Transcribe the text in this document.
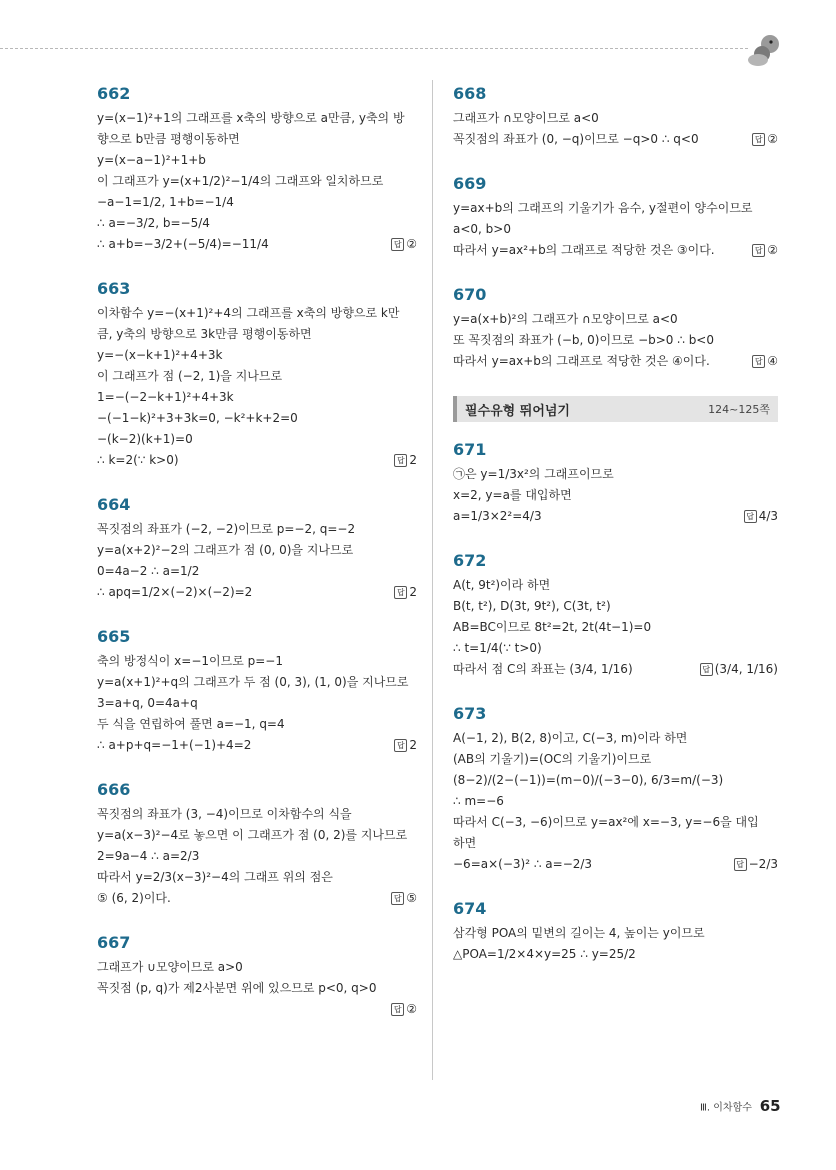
662
y=(x−1)²+1의 그래프를 x축의 방향으로 a만큼, y축의 방
향으로 b만큼 평행이동하면
y=(x−a−1)²+1+b
이 그래프가 y=(x+1/2)²−1/4의 그래프와 일치하므로
−a−1=1/2, 1+b=−1/4
∴ a=−3/2, b=−5/4
∴ a+b=−3/2+(−5/4)=−11/4	답 ②
663
이차함수 y=−(x+1)²+4의 그래프를 x축의 방향으로 k만
큼, y축의 방향으로 3k만큼 평행이동하면
y=−(x−k+1)²+4+3k
이 그래프가 점 (−2, 1)을 지나므로
1=−(−2−k+1)²+4+3k
−(−1−k)²+3+3k=0, −k²+k+2=0
−(k−2)(k+1)=0
∴ k=2(∵ k>0)	답 2
664
꼭짓점의 좌표가 (−2, −2)이므로 p=−2, q=−2
y=a(x+2)²−2의 그래프가 점 (0, 0)을 지나므로
0=4a−2 ∴ a=1/2
∴ apq=1/2×(−2)×(−2)=2	답 2
665
축의 방정식이 x=−1이므로 p=−1
y=a(x+1)²+q의 그래프가 두 점 (0, 3), (1, 0)을 지나므로
3=a+q, 0=4a+q
두 식을 연립하여 풀면 a=−1, q=4
∴ a+p+q=−1+(−1)+4=2	답 2
666
꼭짓점의 좌표가 (3, −4)이므로 이차함수의 식을
y=a(x−3)²−4로 놓으면 이 그래프가 점 (0, 2)를 지나므로
2=9a−4 ∴ a=2/3
따라서 y=2/3(x−3)²−4의 그래프 위의 점은
⑤ (6, 2)이다.	답 ⑤
667
그래프가 ∪모양이므로 a>0
꼭짓점 (p, q)가 제2사분면 위에 있으므로 p<0, q>0
답 ②
668
그래프가 ∩모양이므로 a<0
꼭짓점의 좌표가 (0, −q)이므로 −q>0 ∴ q<0	답 ②
669
y=ax+b의 그래프의 기울기가 음수, y절편이 양수이므로
a<0, b>0
따라서 y=ax²+b의 그래프로 적당한 것은 ③이다.	답 ②
670
y=a(x+b)²의 그래프가 ∩모양이므로 a<0
또 꼭짓점의 좌표가 (−b, 0)이므로 −b>0 ∴ b<0
따라서 y=ax+b의 그래프로 적당한 것은 ④이다.	답 ④
필수유형 뛰어넘기	124~125쪽
671
㉠은 y=1/3x²의 그래프이므로
x=2, y=a를 대입하면
a=1/3×2²=4/3	답 4/3
672
A(t, 9t²)이라 하면
B(t, t²), D(3t, 9t²), C(3t, t²)
AB=BC이므로 8t²=2t, 2t(4t−1)=0
∴ t=1/4(∵ t>0)
따라서 점 C의 좌표는 (3/4, 1/16)	답 (3/4, 1/16)
673
A(−1, 2), B(2, 8)이고, C(−3, m)이라 하면
(AB의 기울기)=(OC의 기울기)이므로
(8−2)/(2−(−1))=(m−0)/(−3−0), 6/3=m/(−3)
∴ m=−6
따라서 C(−3, −6)이므로 y=ax²에 x=−3, y=−6을 대입
하면
−6=a×(−3)² ∴ a=−2/3	답 −2/3
674
삼각형 POA의 밑변의 길이는 4, 높이는 y이므로
△POA=1/2×4×y=25 ∴ y=25/2
Ⅲ. 이차함수 65
